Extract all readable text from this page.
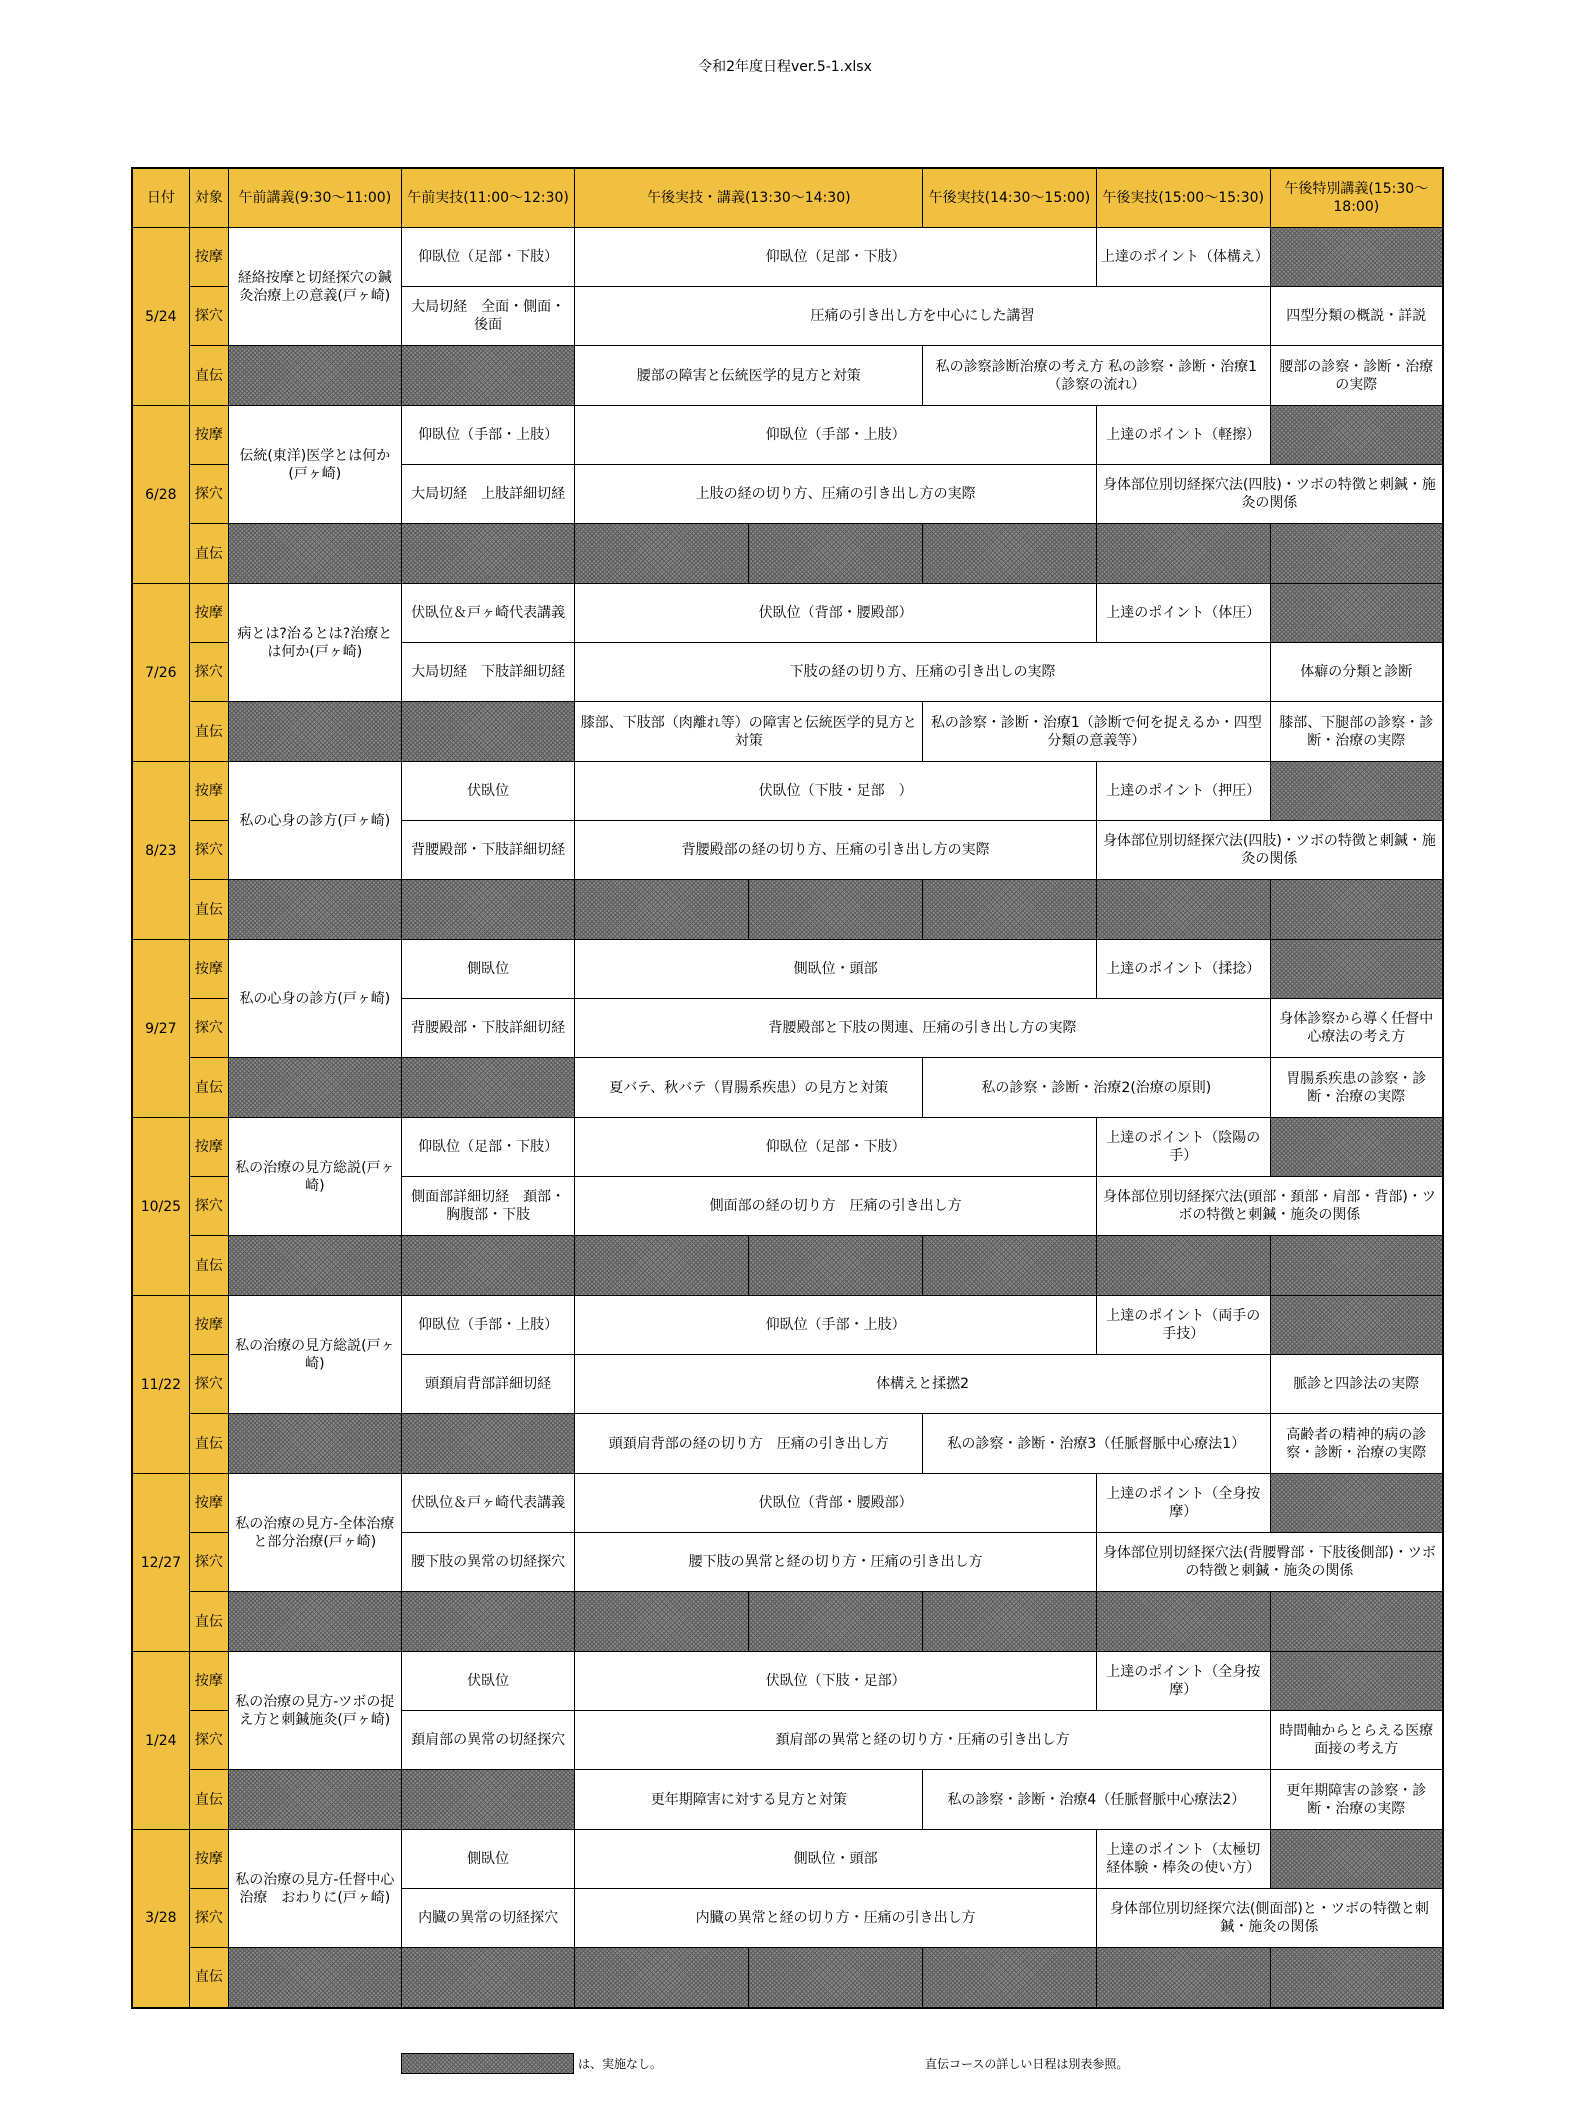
令和2年度日程ver.5-1.xlsx
日付	対象	午前講義(9:30～11:00)	午前実技(11:00～12:30)	午後実技・講義(13:30～14:30)		午後実技(14:30～15:00)	午後実技(15:00～15:30)	午後特別講義(15:30～18:00)
5/24	按摩	経絡按摩と切経探穴の鍼灸治療上の意義(戸ヶ崎)	仰臥位（足部・下肢）	仰臥位（足部・下肢）			上達のポイント（体構え）	
	探穴		大局切経　全面・側面・後面	圧痛の引き出し方を中心にした講習				四型分類の概説・詳説
	直伝			腰部の障害と伝統医学的見方と対策		私の診察診断治療の考え方 私の診察・診断・治療1（診察の流れ）		腰部の診察・診断・治療の実際
6/28	按摩	伝統(東洋)医学とは何か(戸ヶ崎)	仰臥位（手部・上肢）	仰臥位（手部・上肢）			上達のポイント（軽擦）	
	探穴		大局切経　上肢詳細切経	上肢の経の切り方、圧痛の引き出し方の実際			身体部位別切経探穴法(四肢)・ツボの特徴と刺鍼・施灸の関係	
	直伝							
7/26	按摩	病とは?治るとは?治療とは何か(戸ヶ崎)	伏臥位＆戸ヶ崎代表講義	伏臥位（背部・腰殿部）			上達のポイント（体圧）	
	探穴		大局切経　下肢詳細切経	下肢の経の切り方、圧痛の引き出しの実際				体癖の分類と診断
	直伝			膝部、下肢部（肉離れ等）の障害と伝統医学的見方と対策		私の診察・診断・治療1（診断で何を捉えるか・四型分類の意義等）		膝部、下腿部の診察・診断・治療の実際
8/23	按摩	私の心身の診方(戸ヶ崎)	伏臥位	伏臥位（下肢・足部　）			上達のポイント（押圧）	
	探穴		背腰殿部・下肢詳細切経	背腰殿部の経の切り方、圧痛の引き出し方の実際			身体部位別切経探穴法(四肢)・ツボの特徴と刺鍼・施灸の関係	
	直伝							
9/27	按摩	私の心身の診方(戸ヶ崎)	側臥位	側臥位・頭部			上達のポイント（揉捻）	
	探穴		背腰殿部・下肢詳細切経	背腰殿部と下肢の関連、圧痛の引き出し方の実際				身体診察から導く任督中心療法の考え方
	直伝			夏バテ、秋バテ（胃腸系疾患）の見方と対策		私の診察・診断・治療2(治療の原則)		胃腸系疾患の診察・診断・治療の実際
10/25	按摩	私の治療の見方総説(戸ヶ崎)	仰臥位（足部・下肢）	仰臥位（足部・下肢）			上達のポイント（陰陽の手）	
	探穴		側面部詳細切経　頚部・胸腹部・下肢	側面部の経の切り方　圧痛の引き出し方			身体部位別切経探穴法(頭部・頚部・肩部・背部)・ツボの特徴と刺鍼・施灸の関係	
	直伝							
11/22	按摩	私の治療の見方総説(戸ヶ崎)	仰臥位（手部・上肢）	仰臥位（手部・上肢）			上達のポイント（両手の手技）	
	探穴		頭頚肩背部詳細切経	体構えと揉撚2				脈診と四診法の実際
	直伝			頭頚肩背部の経の切り方　圧痛の引き出し方		私の診察・診断・治療3（任脈督脈中心療法1）		高齢者の精神的病の診察・診断・治療の実際
12/27	按摩	私の治療の見方-全体治療と部分治療(戸ヶ崎)	伏臥位＆戸ヶ崎代表講義	伏臥位（背部・腰殿部）			上達のポイント（全身按摩）	
	探穴		腰下肢の異常の切経探穴	腰下肢の異常と経の切り方・圧痛の引き出し方			身体部位別切経探穴法(背腰臀部・下肢後側部)・ツボの特徴と刺鍼・施灸の関係	
	直伝							
1/24	按摩	私の治療の見方-ツボの捉え方と刺鍼施灸(戸ヶ崎)	伏臥位	伏臥位（下肢・足部）			上達のポイント（全身按摩）	
	探穴		頚肩部の異常の切経探穴	頚肩部の異常と経の切り方・圧痛の引き出し方				時間軸からとらえる医療面接の考え方
	直伝			更年期障害に対する見方と対策		私の診察・診断・治療4（任脈督脈中心療法2）		更年期障害の診察・診断・治療の実際
3/28	按摩	私の治療の見方-任督中心治療　おわりに(戸ヶ崎)	側臥位	側臥位・頭部			上達のポイント（太極切経体験・棒灸の使い方）	
	探穴		内臓の異常の切経探穴	内臓の異常と経の切り方・圧痛の引き出し方			身体部位別切経探穴法(側面部)と・ツボの特徴と刺鍼・施灸の関係	
	直伝							
は、実施なし。	直伝コースの詳しい日程は別表参照。
